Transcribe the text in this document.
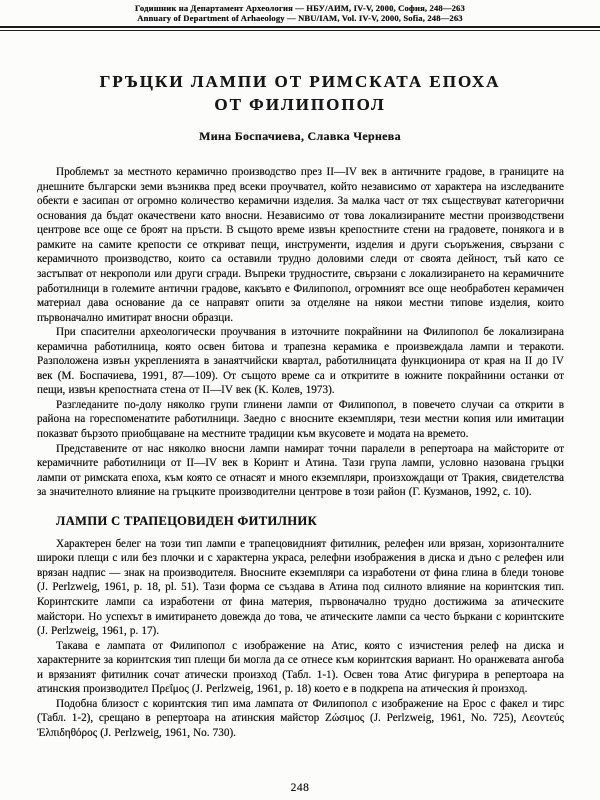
Годишник на Департамент Археология — НБУ/АИМ, IV-V, 2000, София, 248—263
Annuary of Department of Arhaeology — NBU/IAM, Vol. IV-V, 2000, Sofia, 248—263
ГРЪЦКИ ЛАМПИ ОТ РИМСКАТА ЕПОХА
ОТ ФИЛИПОПОЛ
Мина Боспачиева, Славка Чернева

Проблемът за местното керамично производство през II—IV век в античните градове, в границите на днешните български земи възниква пред всеки проучвател, който независимо от характера на изследваните обекти е засипан от огромно количество керамични изделия. За малка част от тях съществуват категорични основания да бъдат окачествени като вносни. Независимо от това локализираните местни производствени центрове все още се броят на пръсти. В същото време извън крепостните стени на градовете, понякога и в рамките на самите крепости се откриват пещи, инструменти, изделия и други съоръжения, свързани с керамичното производство, които са оставили трудно доловими следи от своята дейност, тъй като се застъпват от некрополи или други сгради. Въпреки трудностите, свързани с локализирането на керамичните работилници в големите антични градове, какъвто е Филипопол, огромният все още необработен керамичен материал дава основание да се направят опити за отделяне на някои местни типове изделия, които първоначално имитират вносни образци.

При спасителни археологически проучвания в източните покрайнини на Филипопол бе локализирана керамична работилница, която освен битова и трапезна керамика е произвеждала лампи и теракоти. Разположена извън укрепленията в занаятчийски квартал, работилницата функционира от края на II до IV век (М. Боспачиева, 1991, 87—109). От същото време са и откритите в южните покрайнини останки от пещи, извън крепостната стена от II—IV век (К. Колев, 1973).

Разгледаните по-долу няколко групи глинени лампи от Филипопол, в повечето случаи са открити в района на гореспоменатите работилници. Заедно с вносните екземпляри, тези местни копия или имитации показват бързото приобщаване на местните традиции към вкусовете и модата на времето.

Представените от нас няколко вносни лампи намират точни паралели в репертоара на майсторите от керамичните работилници от II—IV век в Коринт и Атина. Тази група лампи, условно назована гръцки лампи от римската епоха, към която се отнасят и много екземпляри, произхождащи от Тракия, свидетелства за значителното влияние на гръцките производителни центрове в този район (Г. Кузманов, 1992, с. 10).

ЛАМПИ С ТРАПЕЦОВИДЕН ФИТИЛНИК

Характерен белег на този тип лампи е трапецовидният фитилник, релефен или врязан, хоризонталните широки плещи с или без плочки и с характерна украса, релефни изображения в диска и дъно с релефен или врязан надпис — знак на производителя. Вносните екземпляри са изработени от фина глина в бледи тонове (J. Perlzweig, 1961, p. 18, pl. 51). Тази форма се създава в Атина под силното влияние на коринтския тип. Коринтските лампи са изработени от фина материя, първоначално трудно достижима за атическите майстори. Но успехът в имитирането довежда до това, че атическите лампи са често бъркани с коринтските (J. Perlzweig, 1961, p. 17).

Такава е лампата от Филипопол с изображение на Атис, която с изчистения релеф на диска и характерните за коринтския тип плещи би могла да се отнесе към коринтския вариант. Но оранжевата ангоба и врязаният фитилник сочат атически произход (Табл. 1-1). Освен това Атис фигурира в репертоара на атинския производител Πρεΐμος (J. Perlzweig, 1961, p. 18) което е в подкрепа на атическия ѝ произход.

Подобна близост с коринтския тип има лампата от Филипопол с изображение на Ерос с факел и тирс (Табл. 1-2), срещано в репертоара на атинския майстор Ζώσιμος (J. Perlzweig, 1961, No. 725), Λεοντεύς Ἐλπιδηθόρος (J. Perlzweig, 1961, No. 730).

248
